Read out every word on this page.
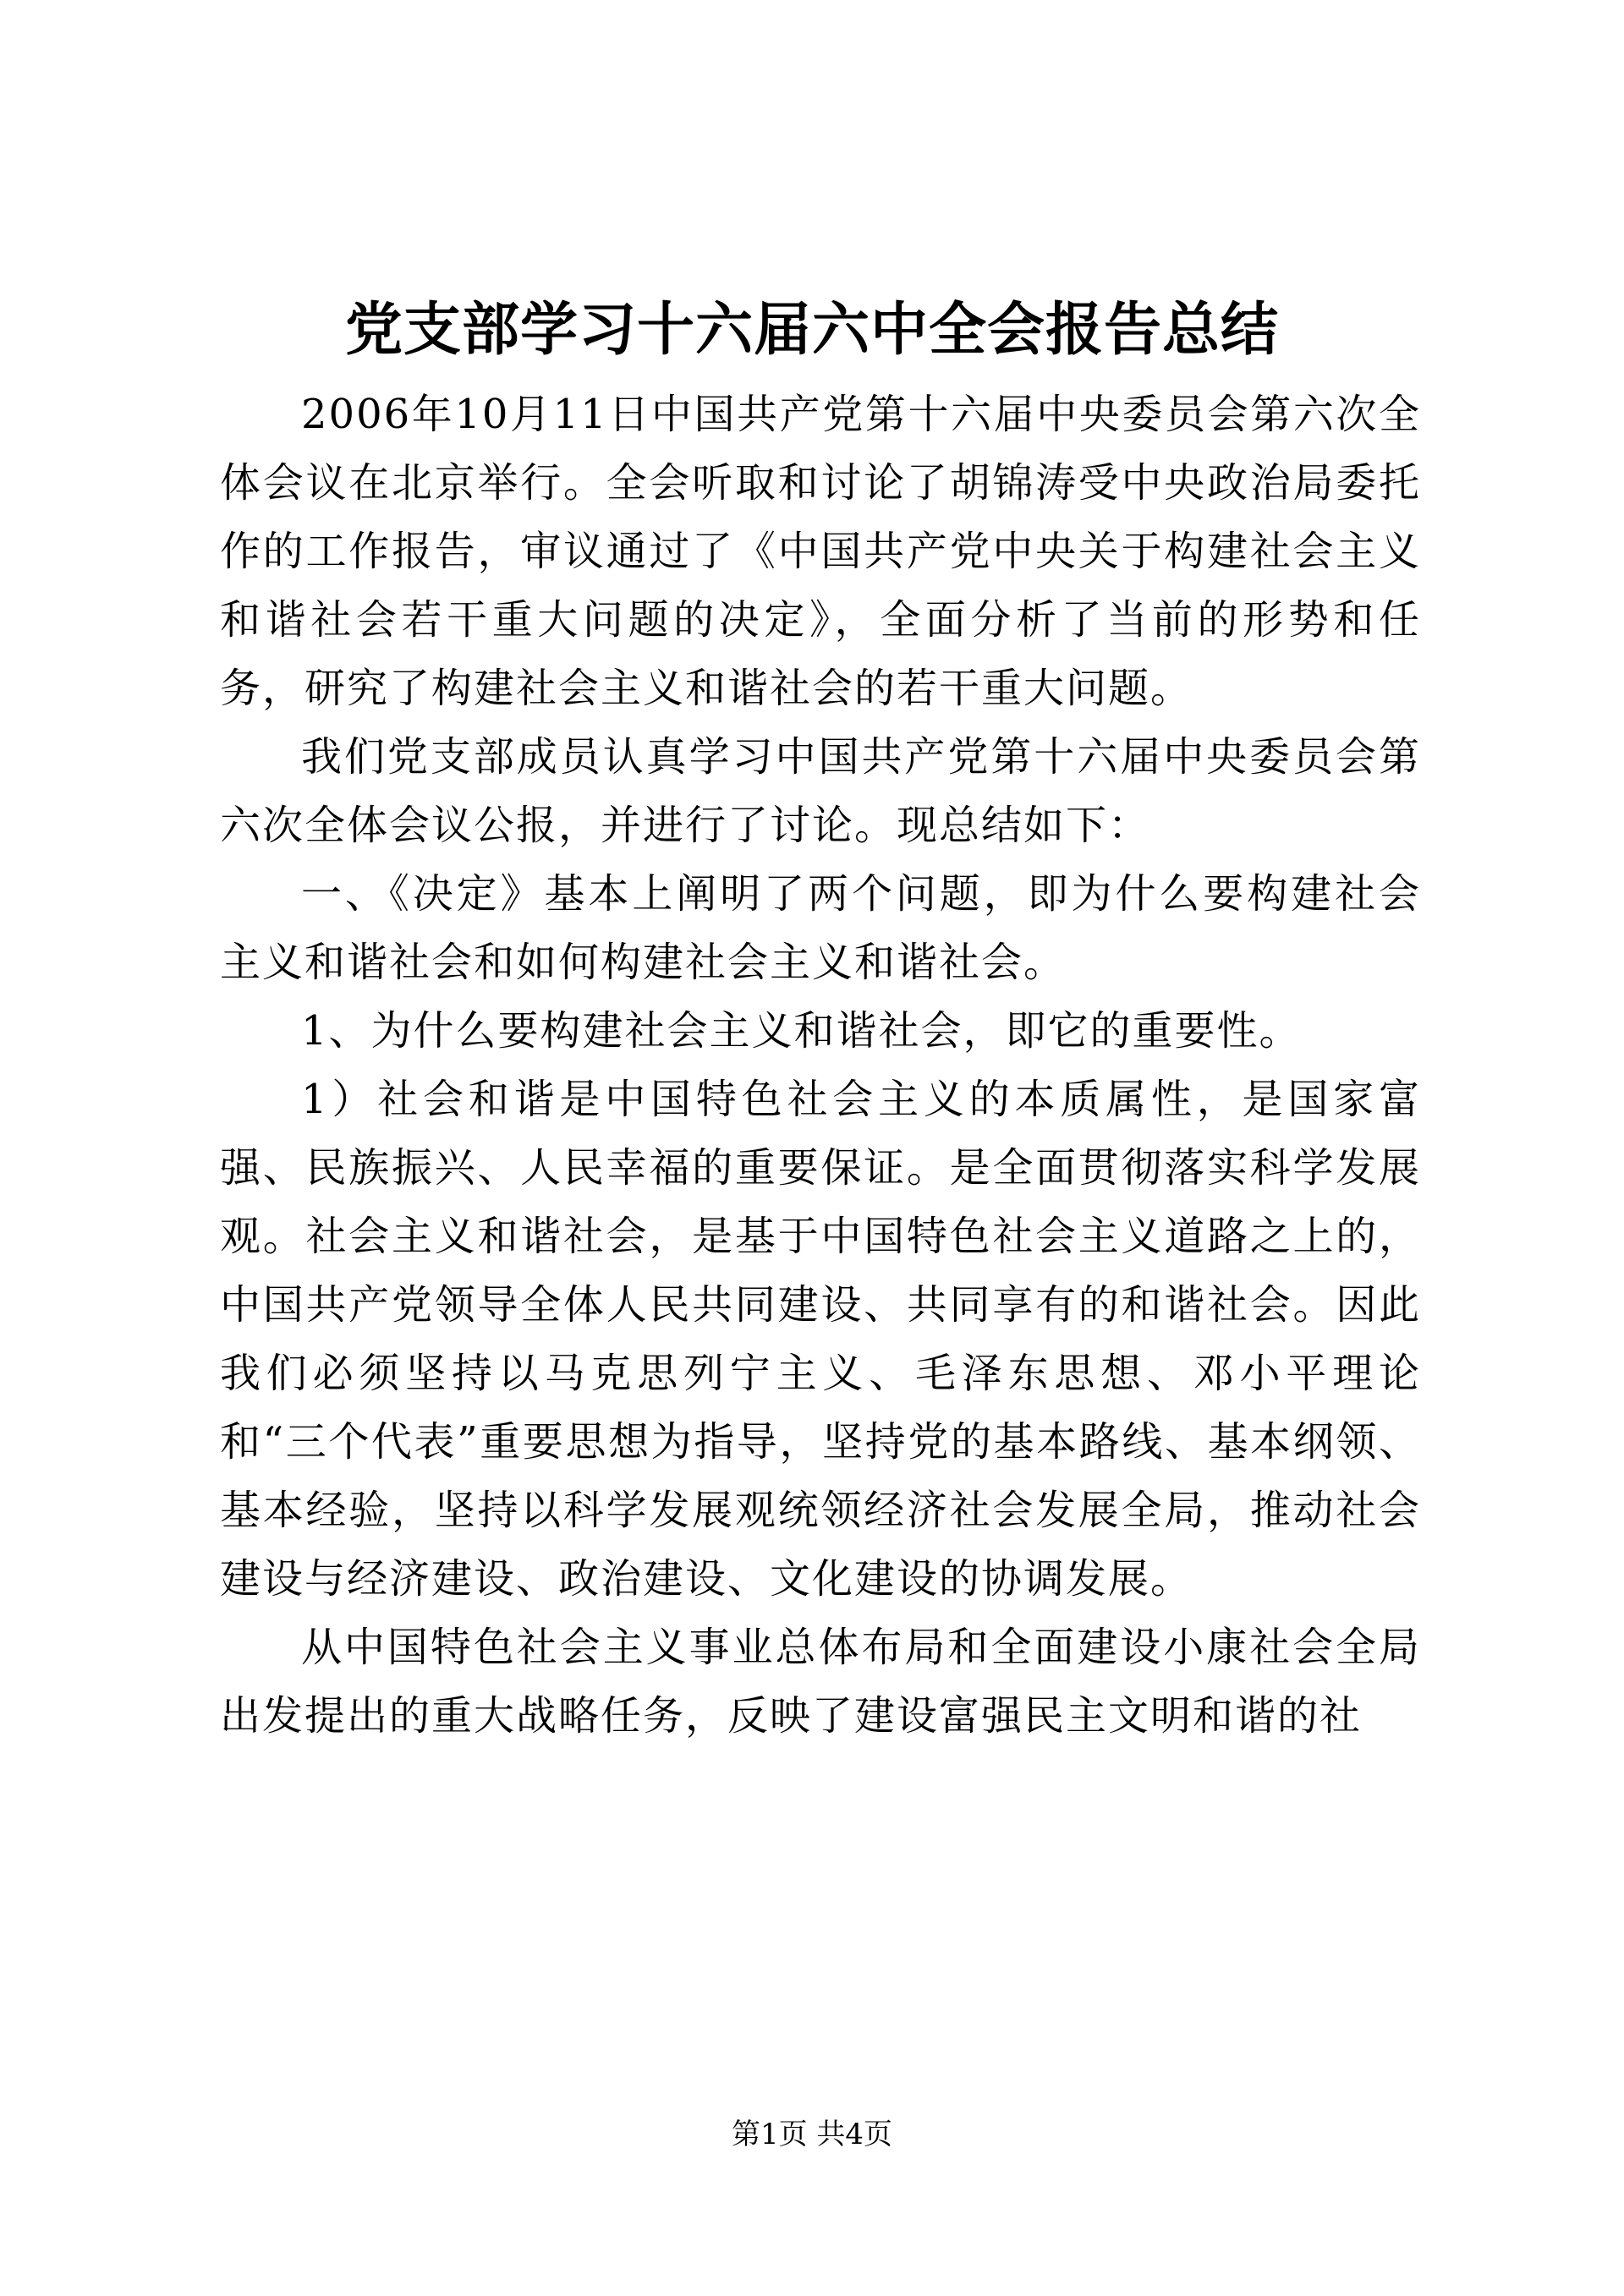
党支部学习十六届六中全会报告总结

2006年10月11日中国共产党第十六届中央委员会第六次全体会议在北京举行。全会听取和讨论了胡锦涛受中央政治局委托作的工作报告，审议通过了《中国共产党中央关于构建社会主义和谐社会若干重大问题的决定》，全面分析了当前的形势和任务，研究了构建社会主义和谐社会的若干重大问题。

我们党支部成员认真学习中国共产党第十六届中央委员会第六次全体会议公报，并进行了讨论。现总结如下：

一、《决定》基本上阐明了两个问题，即为什么要构建社会主义和谐社会和如何构建社会主义和谐社会。

1、为什么要构建社会主义和谐社会，即它的重要性。

1）社会和谐是中国特色社会主义的本质属性，是国家富强、民族振兴、人民幸福的重要保证。是全面贯彻落实科学发展观。社会主义和谐社会，是基于中国特色社会主义道路之上的，中国共产党领导全体人民共同建设、共同享有的和谐社会。因此我们必须坚持以马克思列宁主义、毛泽东思想、邓小平理论和“三个代表”重要思想为指导，坚持党的基本路线、基本纲领、基本经验，坚持以科学发展观统领经济社会发展全局，推动社会建设与经济建设、政治建设、文化建设的协调发展。

从中国特色社会主义事业总体布局和全面建设小康社会全局出发提出的重大战略任务，反映了建设富强民主文明和谐的社

第1页 共4页
